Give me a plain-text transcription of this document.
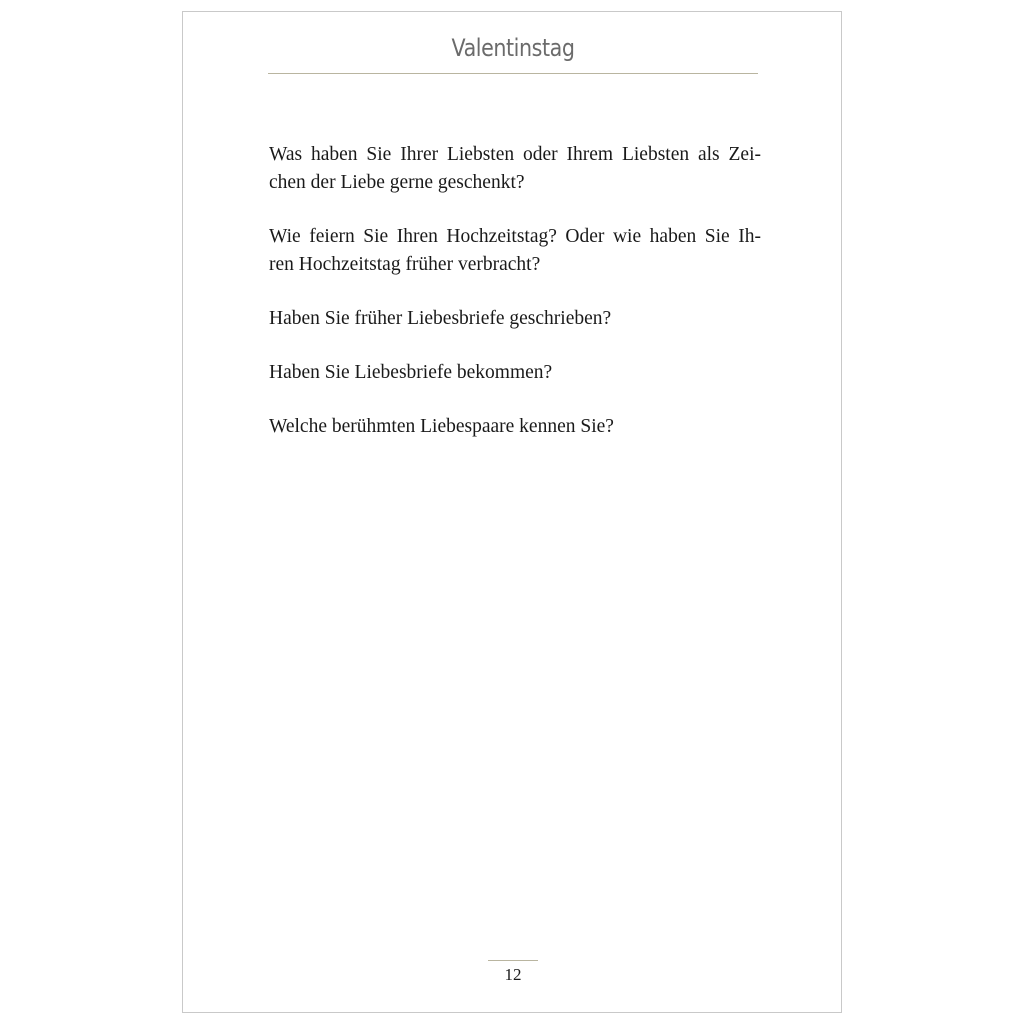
Valentinstag
Was haben Sie Ihrer Liebsten oder Ihrem Liebsten als Zei-
chen der Liebe gerne geschenkt?
Wie feiern Sie Ihren Hochzeitstag? Oder wie haben Sie Ih-
ren Hochzeitstag früher verbracht?
Haben Sie früher Liebesbriefe geschrieben?
Haben Sie Liebesbriefe bekommen?
Welche berühmten Liebespaare kennen Sie?
12
